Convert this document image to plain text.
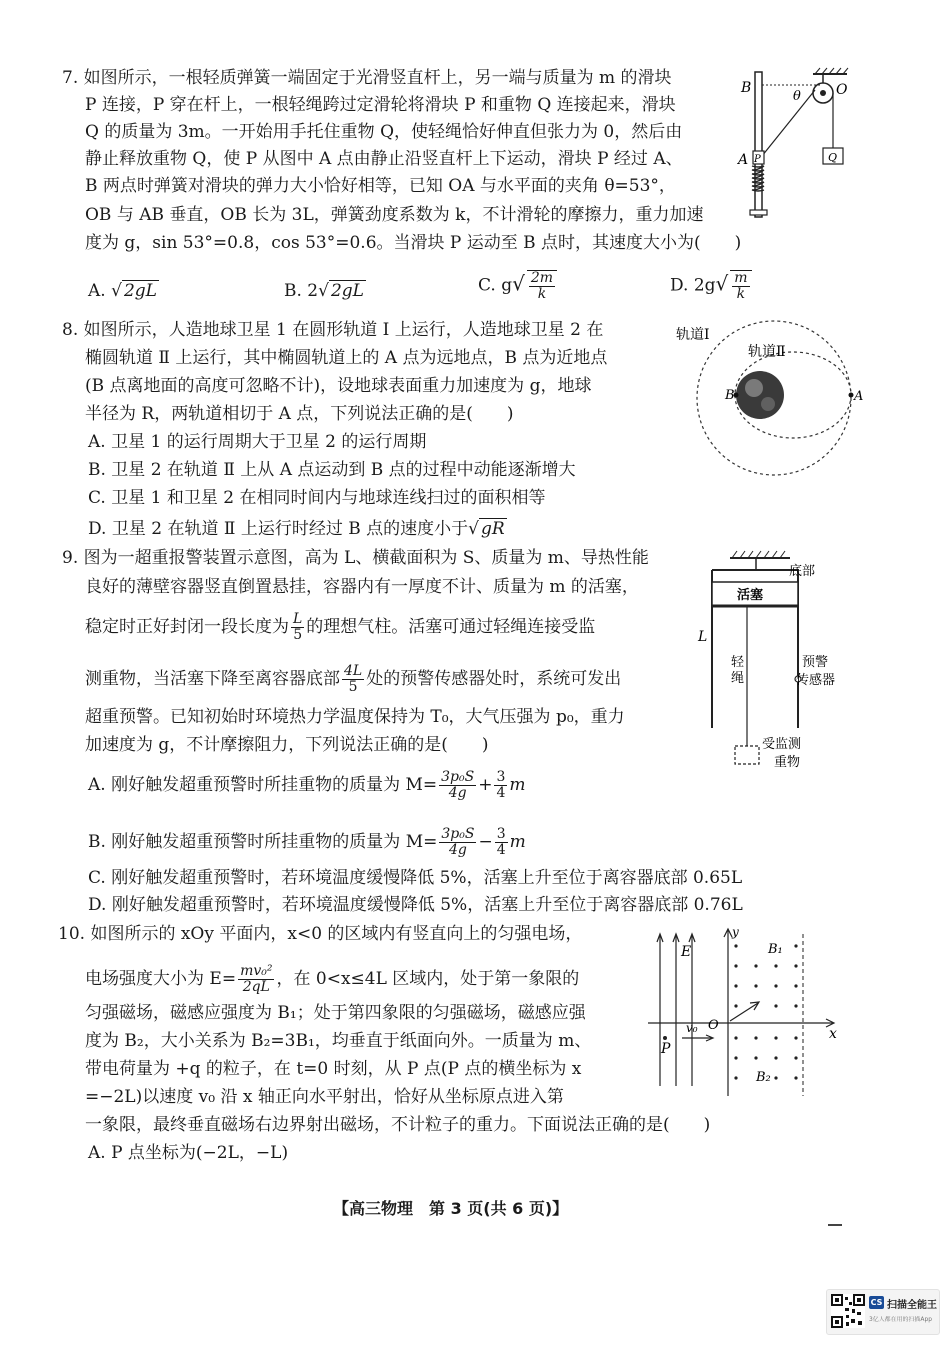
7. 如图所示，一根轻质弹簧一端固定于光滑竖直杆上，另一端与质量为 m 的滑块
P 连接，P 穿在杆上，一根轻绳跨过定滑轮将滑块 P 和重物 Q 连接起来，滑块
Q 的质量为 3m。一开始用手托住重物 Q，使轻绳恰好伸直但张力为 0，然后由
静止释放重物 Q，使 P 从图中 A 点由静止沿竖直杆上下运动，滑块 P 经过 A、
B 两点时弹簧对滑块的弹力大小恰好相等，已知 OA 与水平面的夹角 θ=53°，
OB 与 AB 垂直，OB 长为 3L，弹簧劲度系数为 k，不计滑轮的摩擦力，重力加速
度为 g，sin 53°=0.8，cos 53°=0.6。当滑块 P 运动至 B 点时，其速度大小为(　　)
A. √ 2gL	B. 2√ 2gL	C. $g√ \frac{2m}{k}$	D. $2g√ \frac{m}{k}$
B
θ	O
A P	Q
8. 如图所示，人造地球卫星 1 在圆形轨道 Ⅰ 上运行，人造地球卫星 2 在
椭圆轨道 Ⅱ 上运行，其中椭圆轨道上的 A 点为远地点，B 点为近地点
(B 点离地面的高度可忽略不计)，设地球表面重力加速度为 g，地球
半径为 R，两轨道相切于 A 点，下列说法正确的是(　　)
A. 卫星 1 的运行周期大于卫星 2 的运行周期
B. 卫星 2 在轨道 Ⅱ 上从 A 点运动到 B 点的过程中动能逐渐增大
C. 卫星 1 和卫星 2 在相同时间内与地球连线扫过的面积相等
D. 卫星 2 在轨道 Ⅱ 上运行时经过 B 点的速度小于√ gR
轨道Ⅰ
轨道Ⅱ
B	A
9. 图为一超重报警装置示意图，高为 L、横截面积为 S、质量为 m、导热性能
良好的薄壁容器竖直倒置悬挂，容器内有一厚度不计、质量为 m 的活塞，
稳定时正好封闭一段长度为 $\frac{L}{5}$ 的理想气柱。活塞可通过轻绳连接受监
测重物，当活塞下降至离容器底部 $\frac{4L}{5}$ 处的预警传感器处时，系统可发出
超重预警。已知初始时环境热力学温度保持为 T₀，大气压强为 p₀，重力
加速度为 g，不计摩擦阻力，下列说法正确的是(　　)
A. 刚好触发超重预警时所挂重物的质量为 $M= \frac{\text{3p₀S}}{4g} + \frac{3}{4}$ m
B. 刚好触发超重预警时所挂重物的质量为 $M= \frac{\text{3p₀S}}{4g} - \frac{3}{4}$ m
C. 刚好触发超重预警时，若环境温度缓慢降低 5%，活塞上升至位于离容器底部 0.65L
D. 刚好触发超重预警时，若环境温度缓慢降低 5%，活塞上升至位于离容器底部 0.76L
活塞
底部
L
轻
绳
预警
传感器
受监测
重物
10. 如图所示的 xOy 平面内，x<0 的区域内有竖直向上的匀强电场，
电场强度大小为 $E= \frac{\text{mv₀²}}{2qL}$ ，在 0<x≤4L 区域内，处于第一象限的
匀强磁场，磁感应强度为 B₁；处于第四象限的匀强磁场，磁感应强
度为 B₂，大小关系为 B₂=3B₁，均垂直于纸面向外。一质量为 m、
带电荷量为 +q 的粒子，在 t=0 时刻，从 P 点(P 点的横坐标为 x
=−2L)以速度 v₀ 沿 x 轴正向水平射出，恰好从坐标原点进入第
一象限，最终垂直磁场右边界射出磁场，不计粒子的重力。下面说法正确的是(　　)
A. P 点坐标为(−2L，−L)
E
y
x
O
v₀
P
B₁
B₂
【高三物理　第 3 页(共 6 页)】
CS 扫描全能王
3亿人都在用的扫描App
